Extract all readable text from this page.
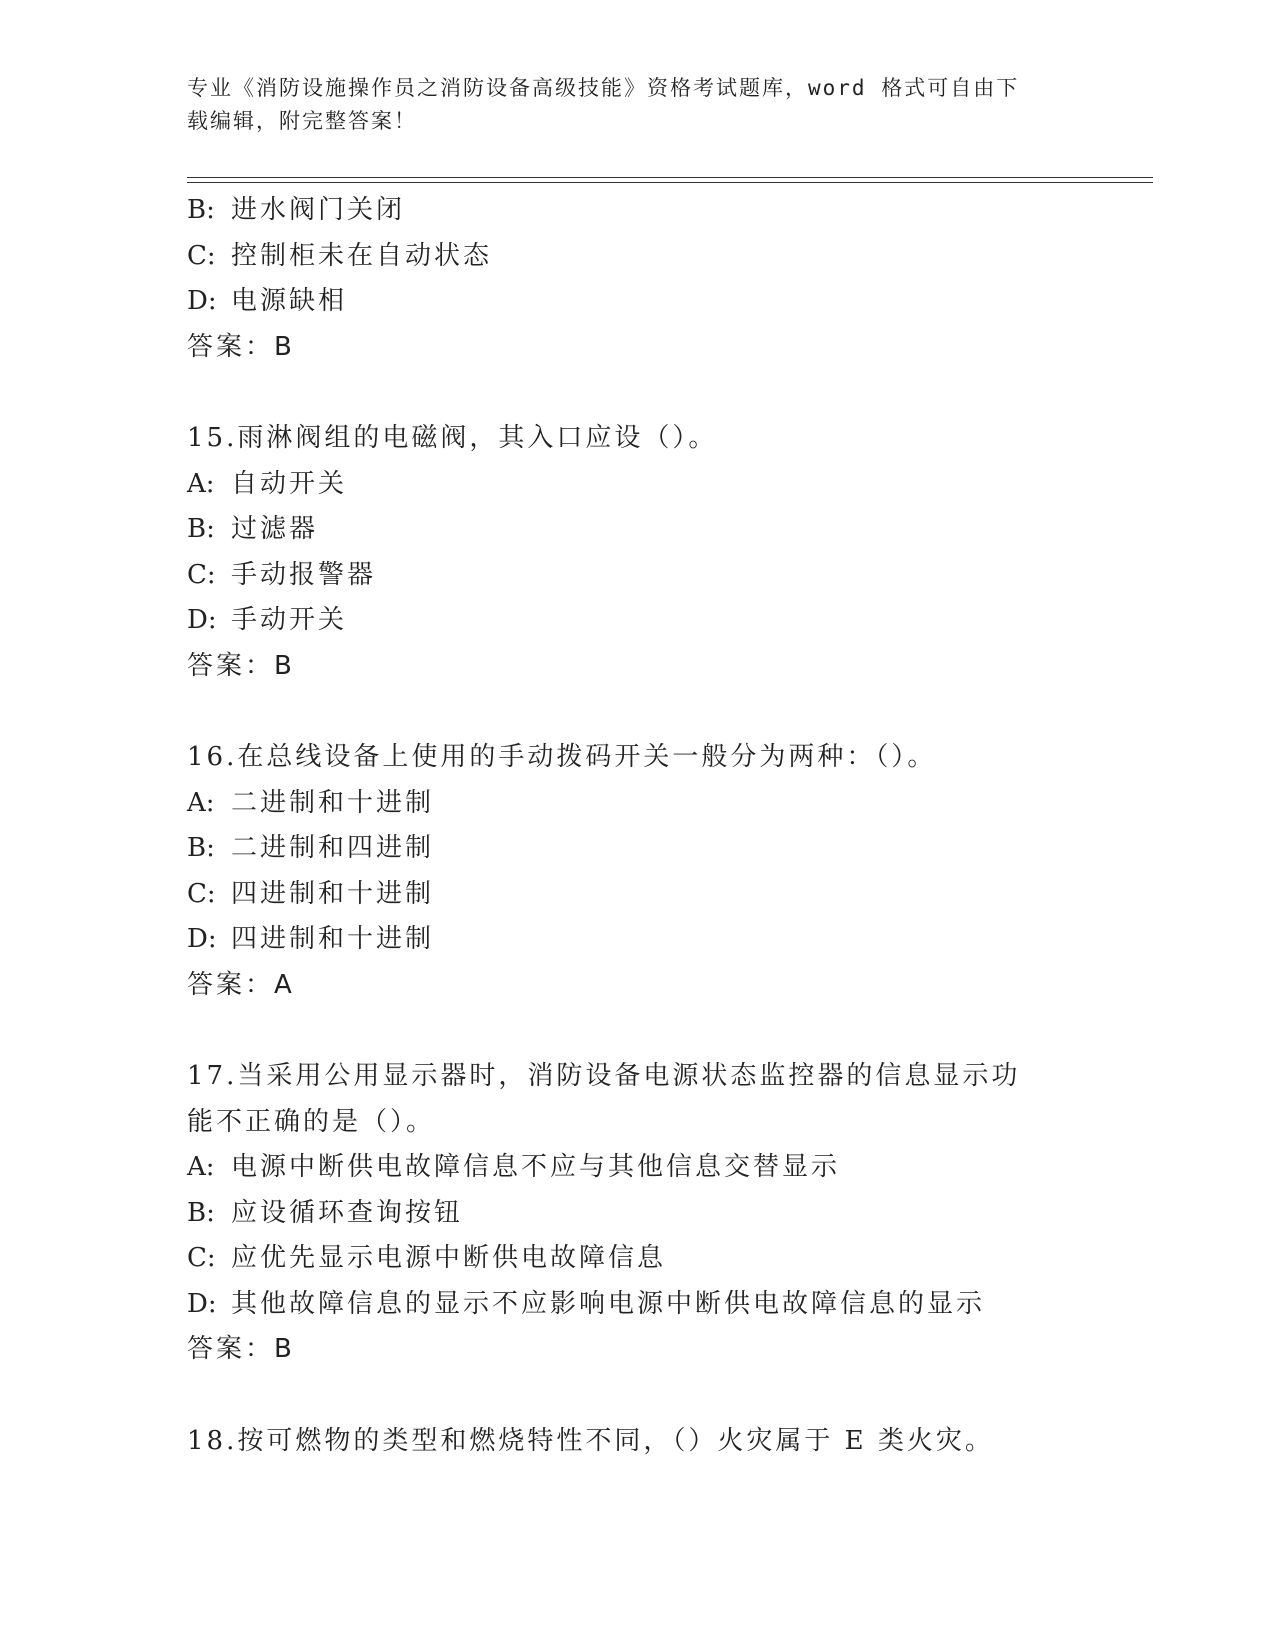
专业《消防设施操作员之消防设备高级技能》资格考试题库，word 格式可自由下
载编辑，附完整答案！
B: 进水阀门关闭
C: 控制柜未在自动状态
D: 电源缺相
答案：B
15.雨淋阀组的电磁阀，其入口应设（）。
A: 自动开关
B: 过滤器
C: 手动报警器
D: 手动开关
答案：B
16.在总线设备上使用的手动拨码开关一般分为两种：（）。
A: 二进制和十进制
B: 二进制和四进制
C: 四进制和十进制
D: 四进制和十进制
答案：A
17.当采用公用显示器时，消防设备电源状态监控器的信息显示功能不正确的是（）。
A: 电源中断供电故障信息不应与其他信息交替显示
B: 应设循环查询按钮
C: 应优先显示电源中断供电故障信息
D: 其他故障信息的显示不应影响电源中断供电故障信息的显示
答案：B
18.按可燃物的类型和燃烧特性不同，（）火灾属于 E 类火灾。
